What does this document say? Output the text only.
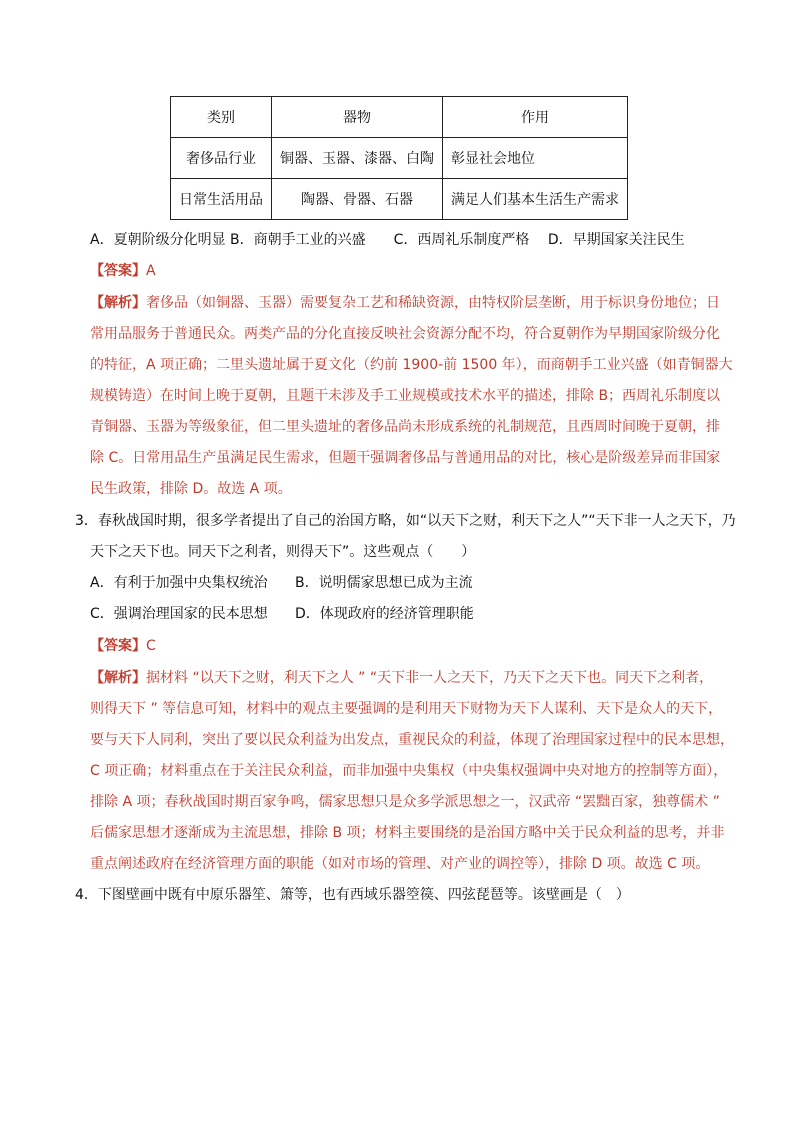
类别	器物	作用
奢侈品行业	铜器、玉器、漆器、白陶	彰显社会地位
日常生活用品	陶器、骨器、石器	满足人们基本生活生产需求
A．夏朝阶级分化明显 B．商朝手工业的兴盛　　C．西周礼乐制度严格　 D．早期国家关注民生
【答案】A
【解析】奢侈品（如铜器、玉器）需要复杂工艺和稀缺资源，由特权阶层垄断，用于标识身份地位；日
常用品服务于普通民众。两类产品的分化直接反映社会资源分配不均，符合夏朝作为早期国家阶级分化
的特征，A 项正确；二里头遗址属于夏文化（约前 1900-前 1500 年），而商朝手工业兴盛（如青铜器大
规模铸造）在时间上晚于夏朝，且题干未涉及手工业规模或技术水平的描述，排除 B；西周礼乐制度以
青铜器、玉器为等级象征，但二里头遗址的奢侈品尚未形成系统的礼制规范，且西周时间晚于夏朝，排
除 C。日常用品生产虽满足民生需求，但题干强调奢侈品与普通用品的对比，核心是阶级差异而非国家
民生政策，排除 D。故选 A 项。
3．春秋战国时期，很多学者提出了自己的治国方略，如“以天下之财，利天下之人”“天下非一人之天下，乃
天下之天下也。同天下之利者，则得天下”。这些观点（　　）
A．有利于加强中央集权统治 B．说明儒家思想已成为主流
C．强调治理国家的民本思想 D．体现政府的经济管理职能
【答案】C
【解析】据材料 “以天下之财，利天下之人 ” “天下非一人之天下，乃天下之天下也。同天下之利者，
则得天下 ” 等信息可知，材料中的观点主要强调的是利用天下财物为天下人谋利、天下是众人的天下，
要与天下人同利，突出了要以民众利益为出发点，重视民众的利益，体现了治理国家过程中的民本思想，
C 项正确；材料重点在于关注民众利益，而非加强中央集权（中央集权强调中央对地方的控制等方面），
排除 A 项；春秋战国时期百家争鸣，儒家思想只是众多学派思想之一，汉武帝 “罢黜百家，独尊儒术 ”
后儒家思想才逐渐成为主流思想，排除 B 项；材料主要围绕的是治国方略中关于民众利益的思考，并非
重点阐述政府在经济管理方面的职能（如对市场的管理、对产业的调控等），排除 D 项。故选 C 项。
4．下图壁画中既有中原乐器笙、箫等，也有西域乐器箜篌、四弦琵琶等。该壁画是（　）
